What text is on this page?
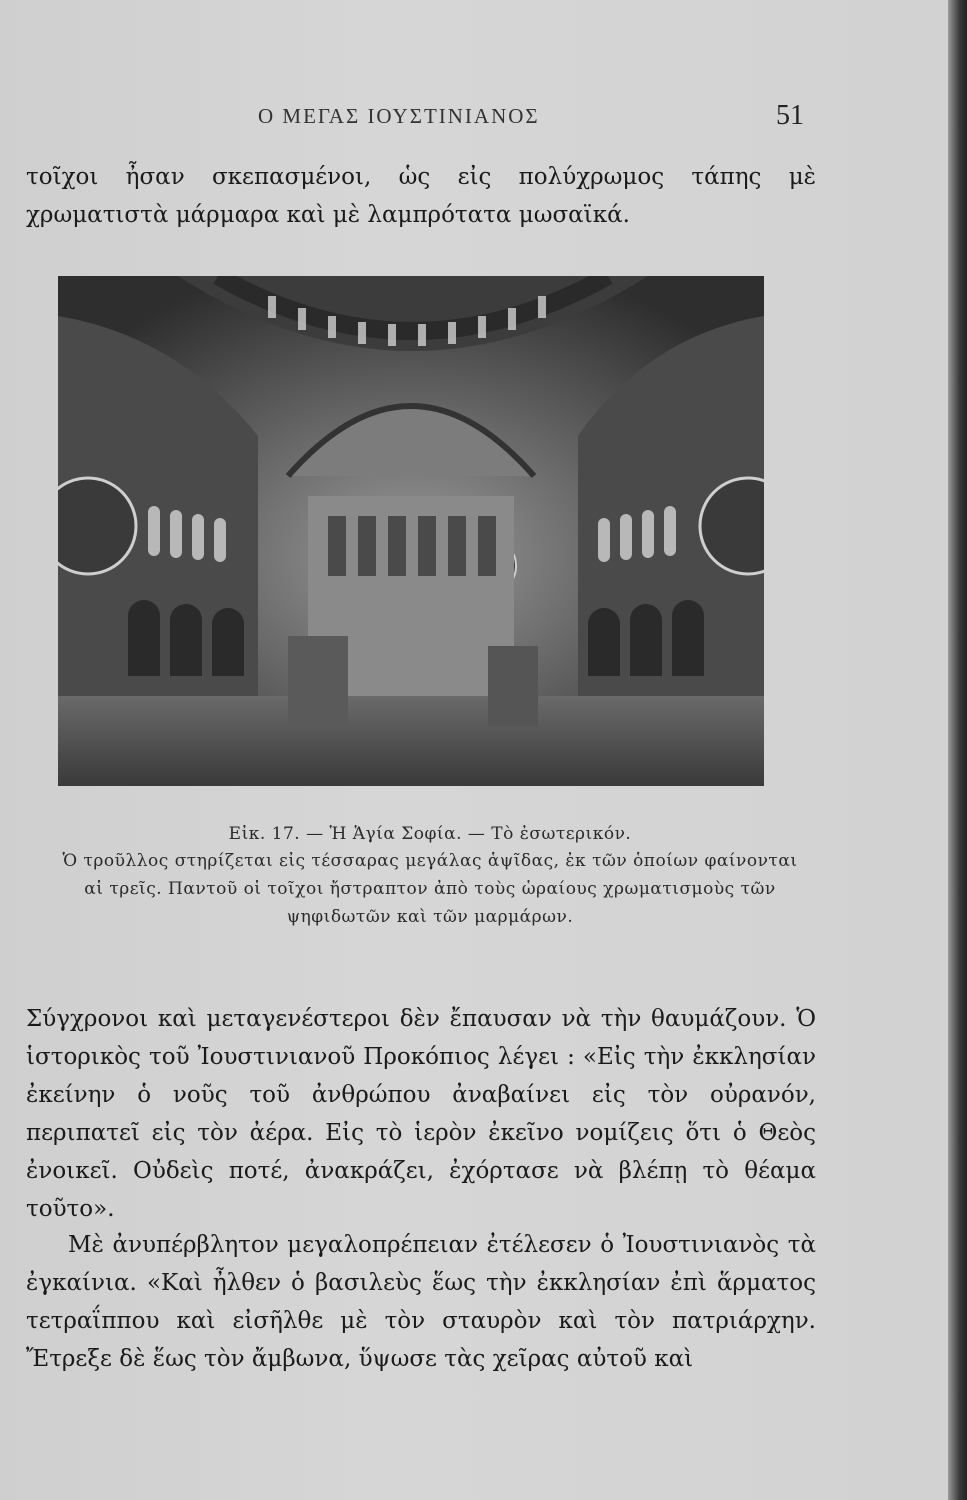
Ο ΜΕΓΑΣ ΙΟΥΣΤΙΝΙΑΝΟΣ	51

τοῖχοι ἦσαν σκεπασμένοι, ὡς εἰς πολύχρωμος τάπης μὲ χρωματιστὰ μάρμαρα καὶ μὲ λαμπρότατα μωσαϊκά.

Εἰκ. 17. — Ἡ Ἁγία Σοφία. — Τὸ ἐσωτερικόν.

Ὁ τροῦλλος στηρίζεται εἰς τέσσαρας μεγάλας ἁψῖδας, ἐκ τῶν ὁποίων φαίνονται αἱ τρεῖς. Παντοῦ οἱ τοῖχοι ἤστραπτον ἀπὸ τοὺς ὡραίους χρωματισμοὺς τῶν ψηφιδωτῶν καὶ τῶν μαρμάρων.

Σύγχρονοι καὶ μεταγενέστεροι δὲν ἔπαυσαν νὰ τὴν θαυμάζουν. Ὁ ἱστορικὸς τοῦ Ἰουστινιανοῦ Προκόπιος λέγει : «Εἰς τὴν ἐκκλησίαν ἐκείνην ὁ νοῦς τοῦ ἀνθρώπου ἀναβαίνει εἰς τὸν οὐρανόν, περιπατεῖ εἰς τὸν ἀέρα. Εἰς τὸ ἱερὸν ἐκεῖνο νομίζεις ὅτι ὁ Θεὸς ἐνοικεῖ. Οὐδεὶς ποτέ, ἀνακράζει, ἐχόρτασε νὰ βλέπῃ τὸ θέαμα τοῦτο».

Μὲ ἀνυπέρβλητον μεγαλοπρέπειαν ἐτέλεσεν ὁ Ἰουστινιανὸς τὰ ἐγκαίνια. «Καὶ ἦλθεν ὁ βασιλεὺς ἕως τὴν ἐκκλησίαν ἐπὶ ἅρματος τετραΐππου καὶ εἰσῆλθε μὲ τὸν σταυρὸν καὶ τὸν πατριάρχην. Ἔτρεξε δὲ ἕως τὸν ἄμβωνα, ὕψωσε τὰς χεῖρας αὐτοῦ καὶ
